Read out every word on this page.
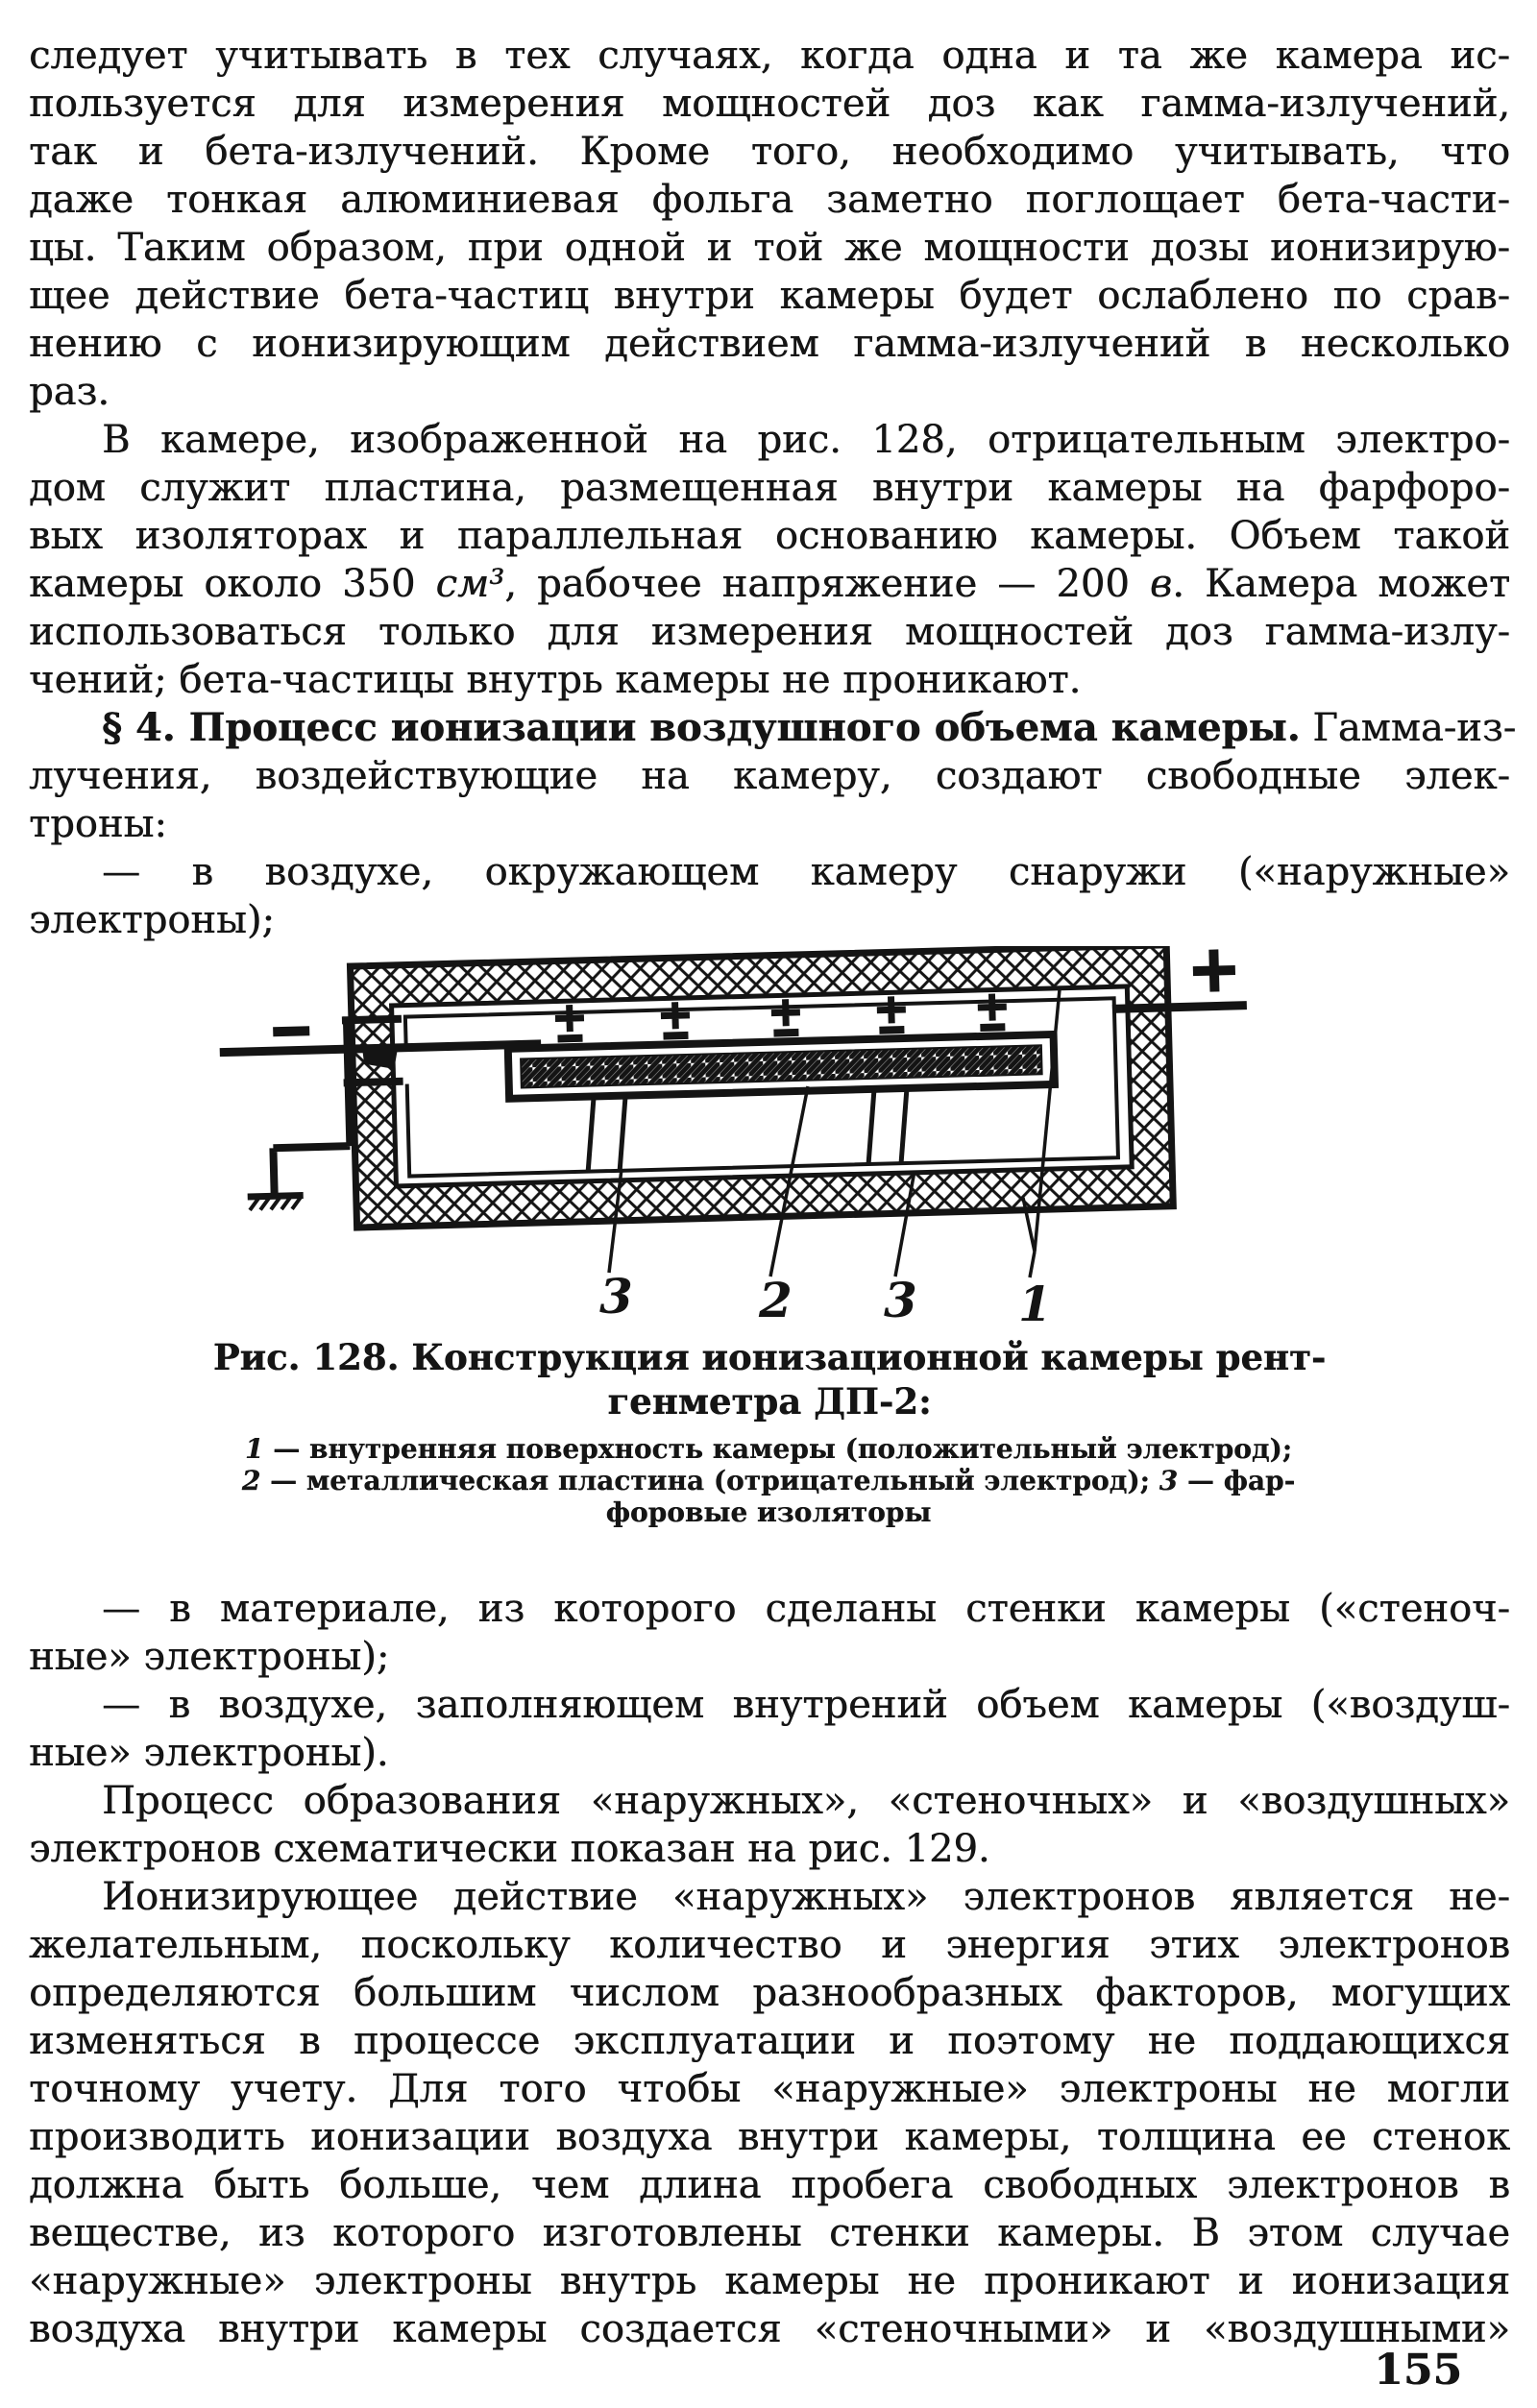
следует учитывать в тех случаях, когда одна и та же камера ис-
пользуется для измерения мощностей доз как гамма-излучений,
так и бета-излучений. Кроме того, необходимо учитывать, что
даже тонкая алюминиевая фольга заметно поглощает бета-части-
цы. Таким образом, при одной и той же мощности дозы ионизирую-
щее действие бета-частиц внутри камеры будет ослаблено по срав-
нению с ионизирующим действием гамма-излучений в несколько
раз.
В камере, изображенной на рис. 128, отрицательным электро-
дом служит пластина, размещенная внутри камеры на фарфоро-
вых изоляторах и параллельная основанию камеры. Объем такой
камеры около 350 см³, рабочее напряжение — 200 в. Камера может
использоваться только для измерения мощностей доз гамма-излу-
чений; бета-частицы внутрь камеры не проникают.
§ 4. Процесс ионизации воздушного объема камеры. Гамма-из-
лучения, воздействующие на камеру, создают свободные элек-
троны:
— в воздухе, окружающем камеру снаружи («наружные»
электроны);
3	2 3 1
Рис. 128. Конструкция ионизационной камеры рент-
генметра ДП-2:
1 — внутренняя поверхность камеры (положительный электрод);
2 — металлическая пластина (отрицательный электрод); 3 — фар-
форовые изоляторы
— в материале, из которого сделаны стенки камеры («стеноч-
ные» электроны);
— в воздухе, заполняющем внутрений объем камеры («воздуш-
ные» электроны).
Процесс образования «наружных», «стеночных» и «воздушных»
электронов схематически показан на рис. 129.
Ионизирующее действие «наружных» электронов является не-
желательным, поскольку количество и энергия этих электронов
определяются большим числом разнообразных факторов, могущих
изменяться в процессе эксплуатации и поэтому не поддающихся
точному учету. Для того чтобы «наружные» электроны не могли
производить ионизации воздуха внутри камеры, толщина ее стенок
должна быть больше, чем длина пробега свободных электронов в
веществе, из которого изготовлены стенки камеры. В этом случае
«наружные» электроны внутрь камеры не проникают и ионизация
воздуха внутри камеры создается «стеночными» и «воздушными»
155
